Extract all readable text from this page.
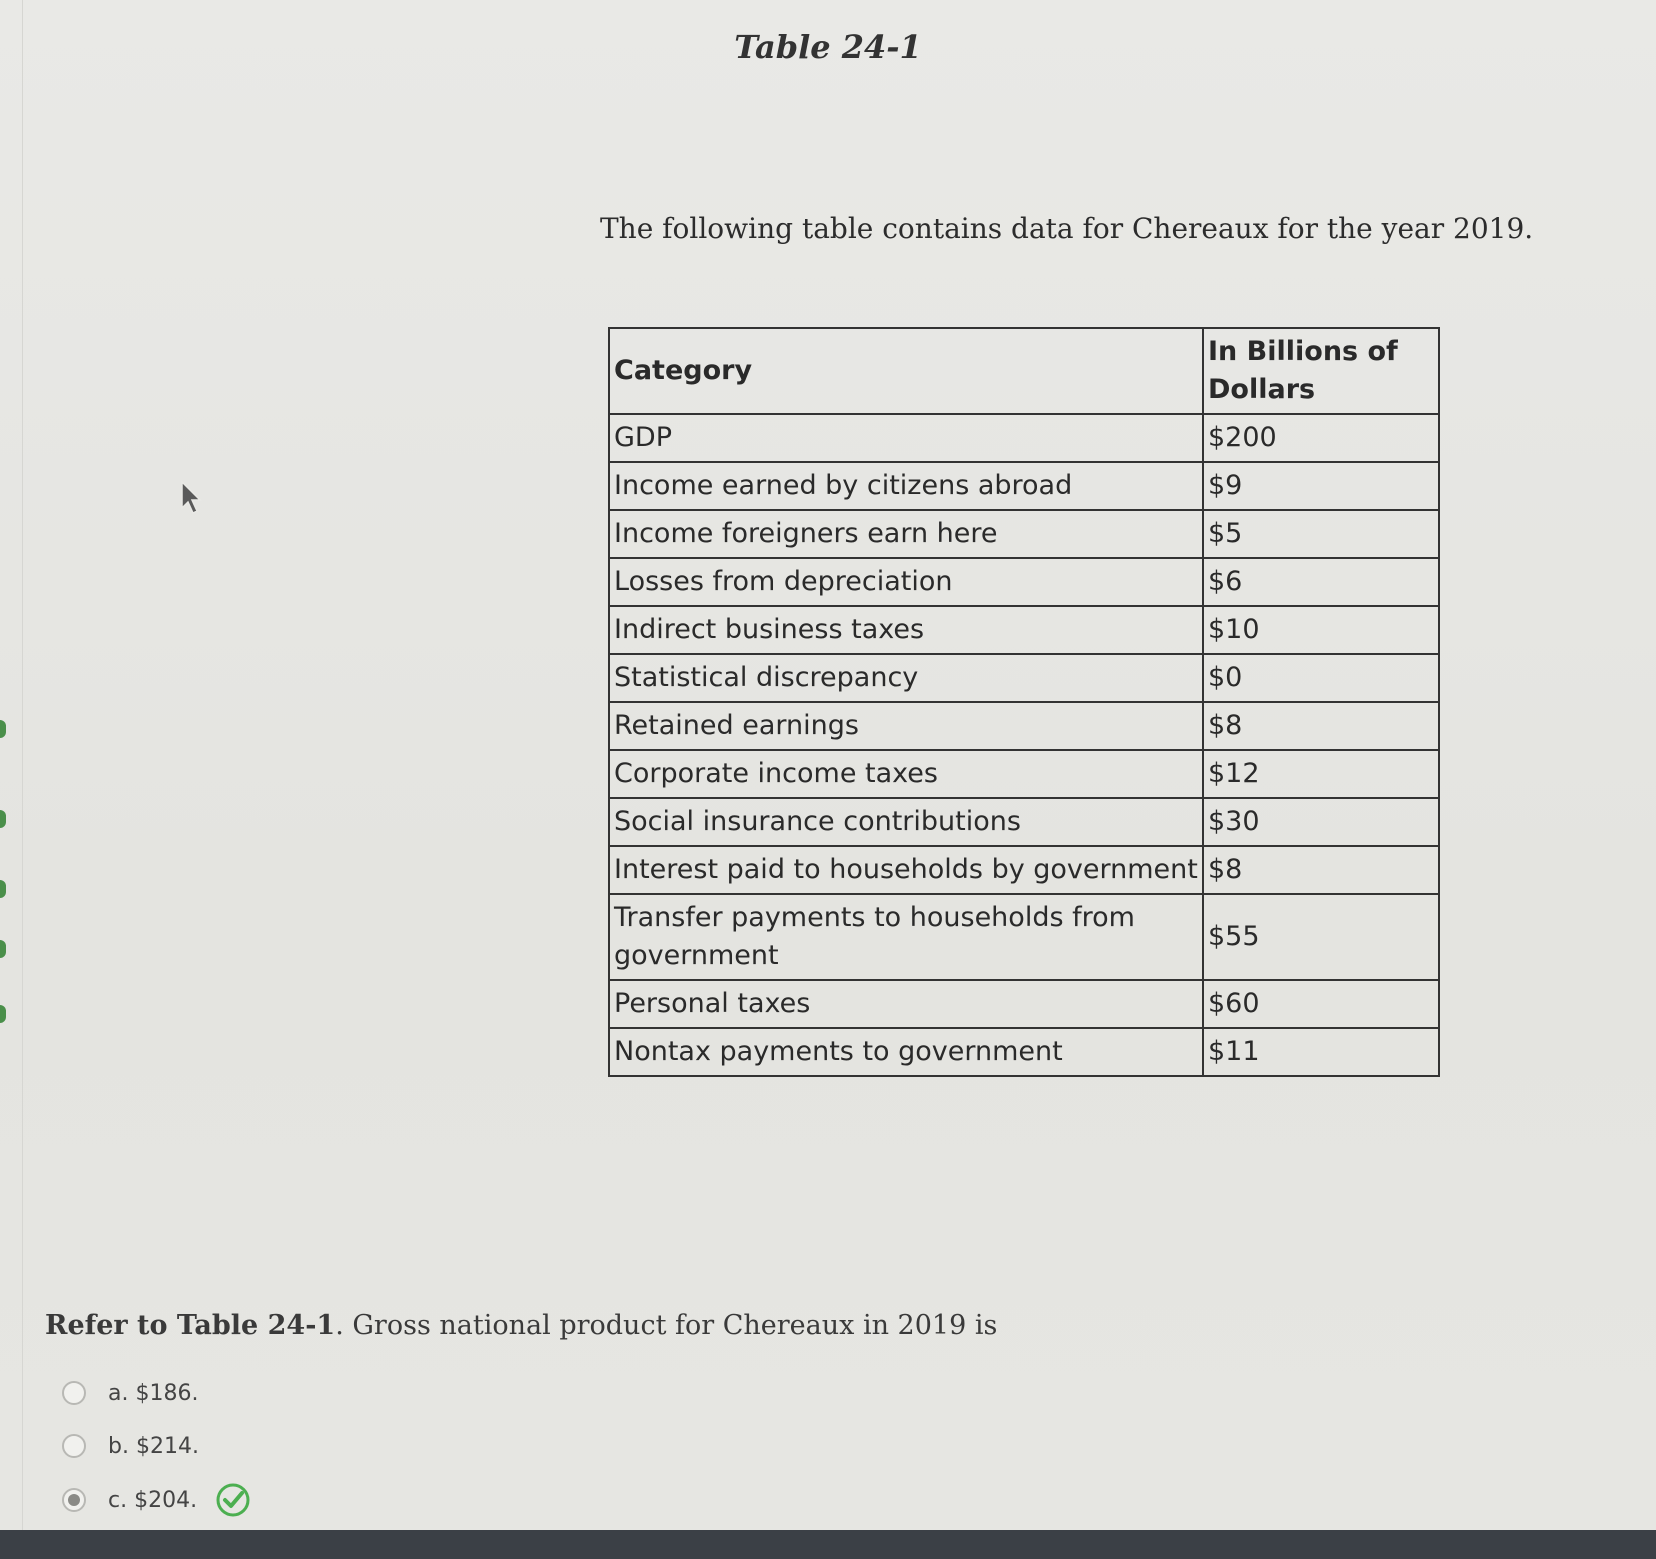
Table 24-1
The following table contains data for Chereaux for the year 2019.
Category	In Billions of Dollars
GDP	$200
Income earned by citizens abroad	$9
Income foreigners earn here	$5
Losses from depreciation	$6
Indirect business taxes	$10
Statistical discrepancy	$0
Retained earnings	$8
Corporate income taxes	$12
Social insurance contributions	$30
Interest paid to households by government	$8
Transfer payments to households from government	$55
Personal taxes	$60
Nontax payments to government	$11
Refer to Table 24-1. Gross national product for Chereaux in 2019 is
a. $186.
b. $214.
c. $204.
